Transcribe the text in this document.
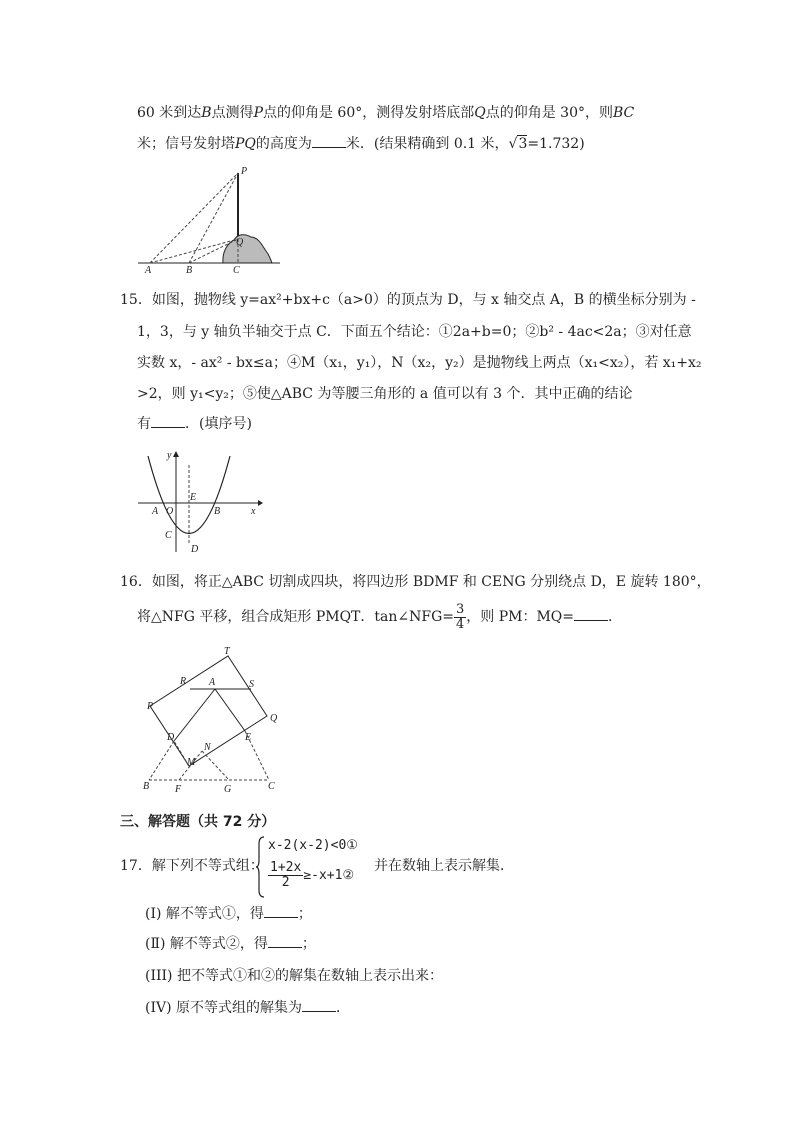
60 米到达B点测得P点的仰角是 60°，测得发射塔底部Q点的仰角是 30°，则BC
米；信号发射塔PQ的高度为 米．(结果精确到 0.1 米，√3=1.732)
P
Q
A	B	C
15．如图，抛物线 y=ax²+bx+c（a>0）的顶点为 D，与 x 轴交点 A，B 的横坐标分别为 -
1，3，与 y 轴负半轴交于点 C．下面五个结论：①2a+b=0；②b² - 4ac<2a；③对任意
实数 x，- ax² - bx≤a；④M（x₁，y₁），N（x₂，y₂）是抛物线上两点（x₁<x₂），若 x₁+x₂
>2，则 y₁<y₂；⑤使△ABC 为等腰三角形的 a 值可以有 3 个．其中正确的结论
有 ．(填序号)
y
E
A O	B	x
C
D
16．如图，将正△ABC 切割成四块，将四边形 BDMF 和 CENG 分别绕点 D，E 旋转 180°，
将△NFG 平移，组合成矩形 PMQT．tan∠NFG= $\frac{3}{4}$ ，则 PM：MQ= ．
T
R A	S
P
Q
D	E
N
M
B	F	G	C
三、解答题（共 72 分）
17．解下列不等式组：
x-2(x-2)<0①
$\frac{1+2x}{2}$ ≥-x+1②
并在数轴上表示解集．
(I) 解不等式①，得 ；
(Ⅱ) 解不等式②，得 ；
(III) 把不等式①和②的解集在数轴上表示出来：
(IV) 原不等式组的解集为 ．
